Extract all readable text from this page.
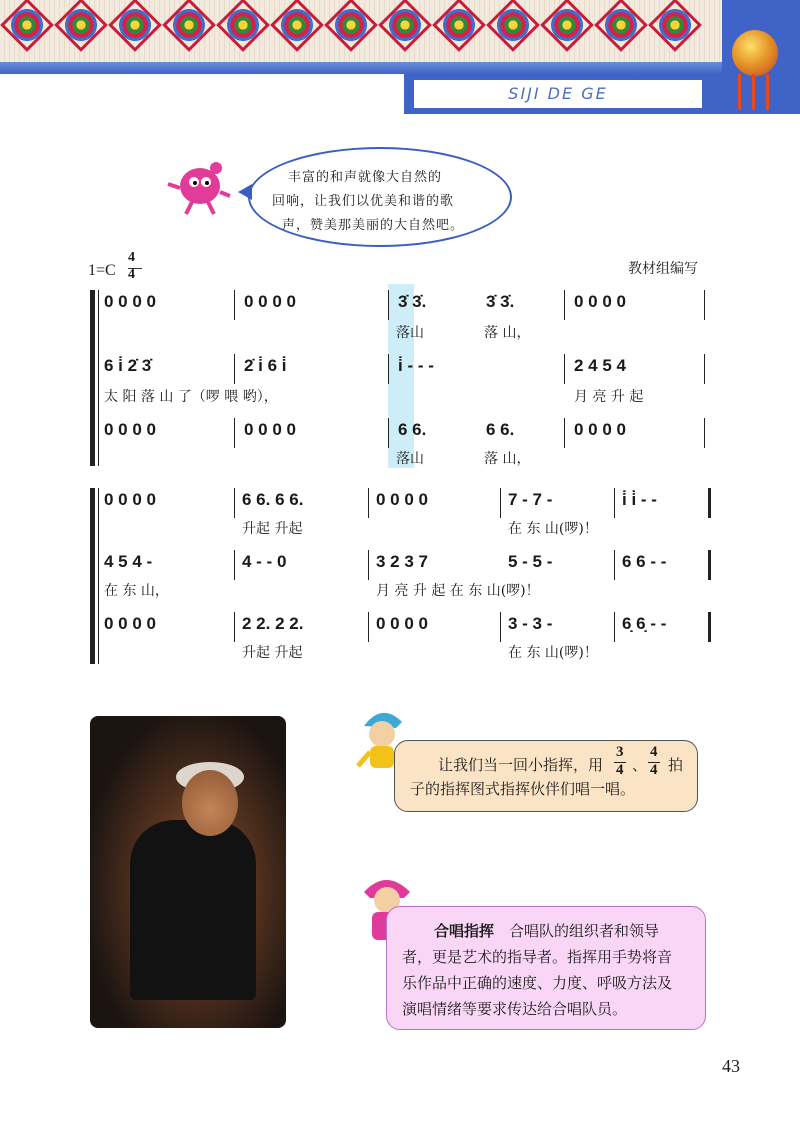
SIJI DE GE
丰富的和声就像大自然的
回响，让我们以优美和谐的歌
声，赞美那美丽的大自然吧。
1=C
4
4	教材组编写
0 0 0 0	0 0 0 0	3̇ 3̇.	3̇ 3̇.	0 0 0 0
落山	落 山，
6 i̇ 2̇ 3̇	2̇ i̇ 6 i̇	i̇ - - -	2 4 5 4
太 阳 落 山 了（啰 喂 哟），	月 亮 升 起
0 0 0 0	0 0 0 0	6 6.	6 6.	0 0 0 0
落山	落 山，
0 0 0 0	6 6. 6 6.	0 0 0 0	7 - 7 -	i̇ i̇ - -
升起 升起	在 东 山(啰)！
4 5 4 -	4 - - 0	3 2 3 7	5 - 5 -	6 6 - -
在 东 山，	月 亮 升 起 在 东 山(啰)！
0 0 0 0	2 2. 2 2.	0 0 0 0	3 - 3 -	6̣ 6̣ - -
升起 升起	在 东 山(啰)！
让我们当一回小指挥，用
3
4 、
4
4 拍
子的指挥图式指挥伙伴们唱一唱。
合唱指挥  合唱队的组织者和领导
者，更是艺术的指导者。指挥用手势将音
乐作品中正确的速度、力度、呼吸方法及
演唱情绪等要求传达给合唱队员。
43
